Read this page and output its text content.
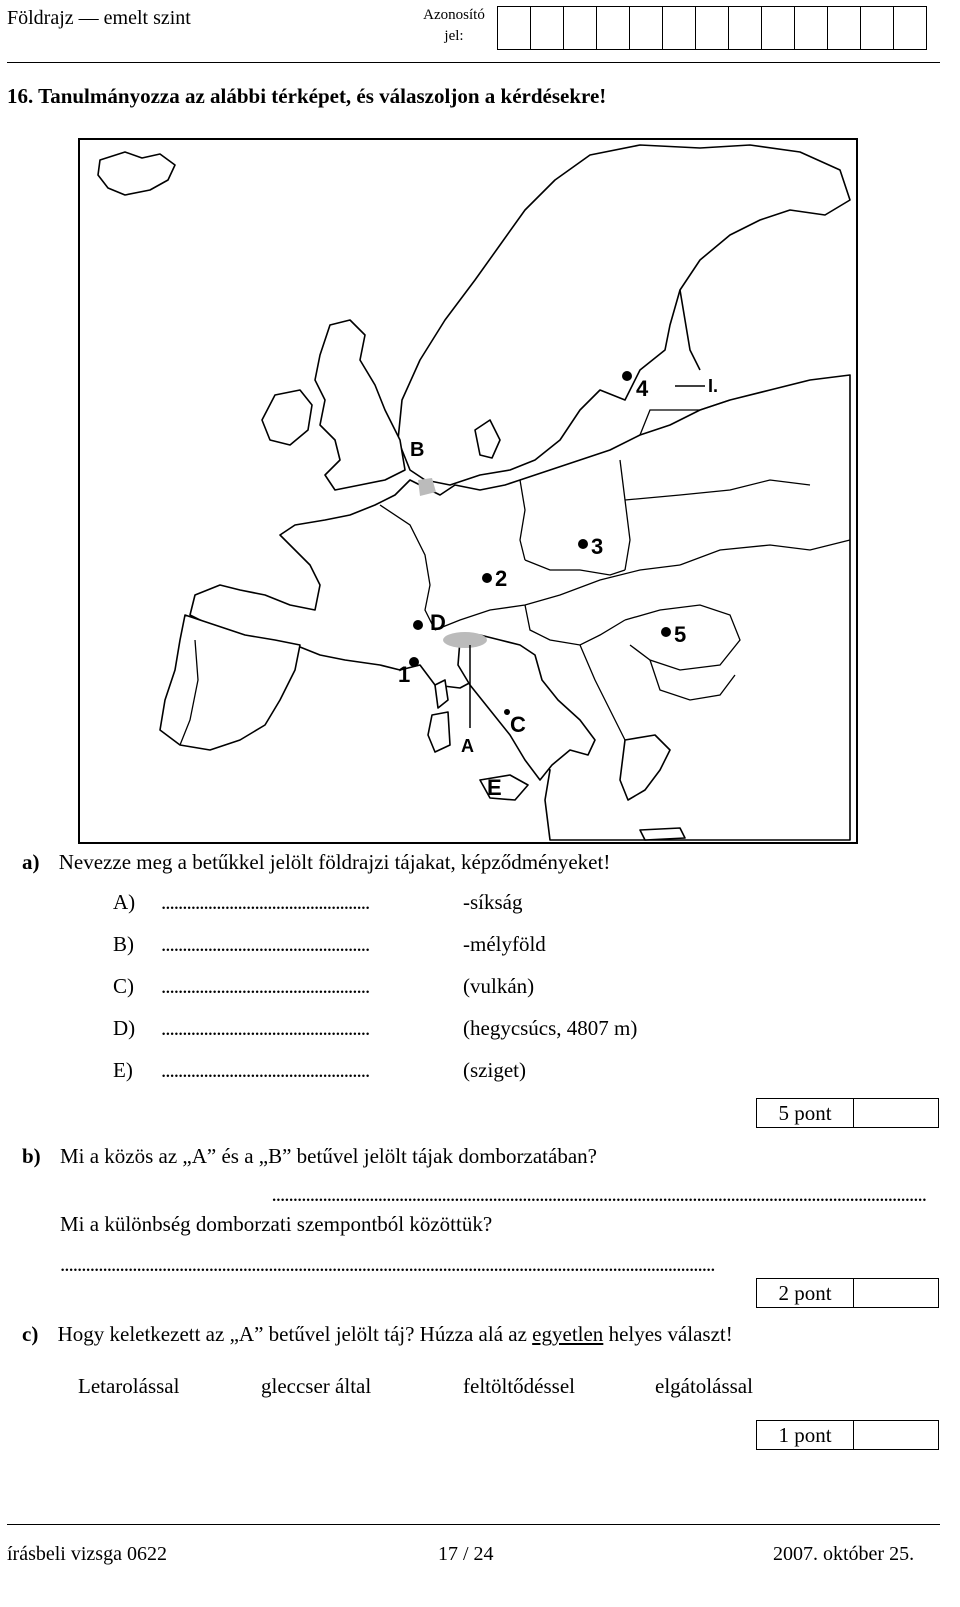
Földrajz — emelt szint	Azonosító jel:
16. Tanulmányozza az alábbi térképet, és válaszoljon a kérdésekre!
1
2
3
4
5
A
B
C
D
E
I.
a) Nevezze meg a betűkkel jelölt földrajzi tájakat, képződményeket!
A)	.................................................	-síkság
B)	.................................................	-mélyföld
C)	.................................................	(vulkán)
D)	.................................................	(hegycsúcs, 4807 m)
E)	.................................................	(sziget)
5 pont
b) Mi a közös az „A” és a „B” betűvel jelölt tájak domborzatában?
..........................................................................................................................................................
Mi a különbség domborzati szempontból közöttük?
..........................................................................................................................................................
2 pont
c) Hogy keletkezett az „A” betűvel jelölt táj? Húzza alá az egyetlen helyes választ!
Letarolással	gleccser által	feltöltődéssel	elgátolással
1 pont
írásbeli vizsga 0622	17 / 24	2007. október 25.
